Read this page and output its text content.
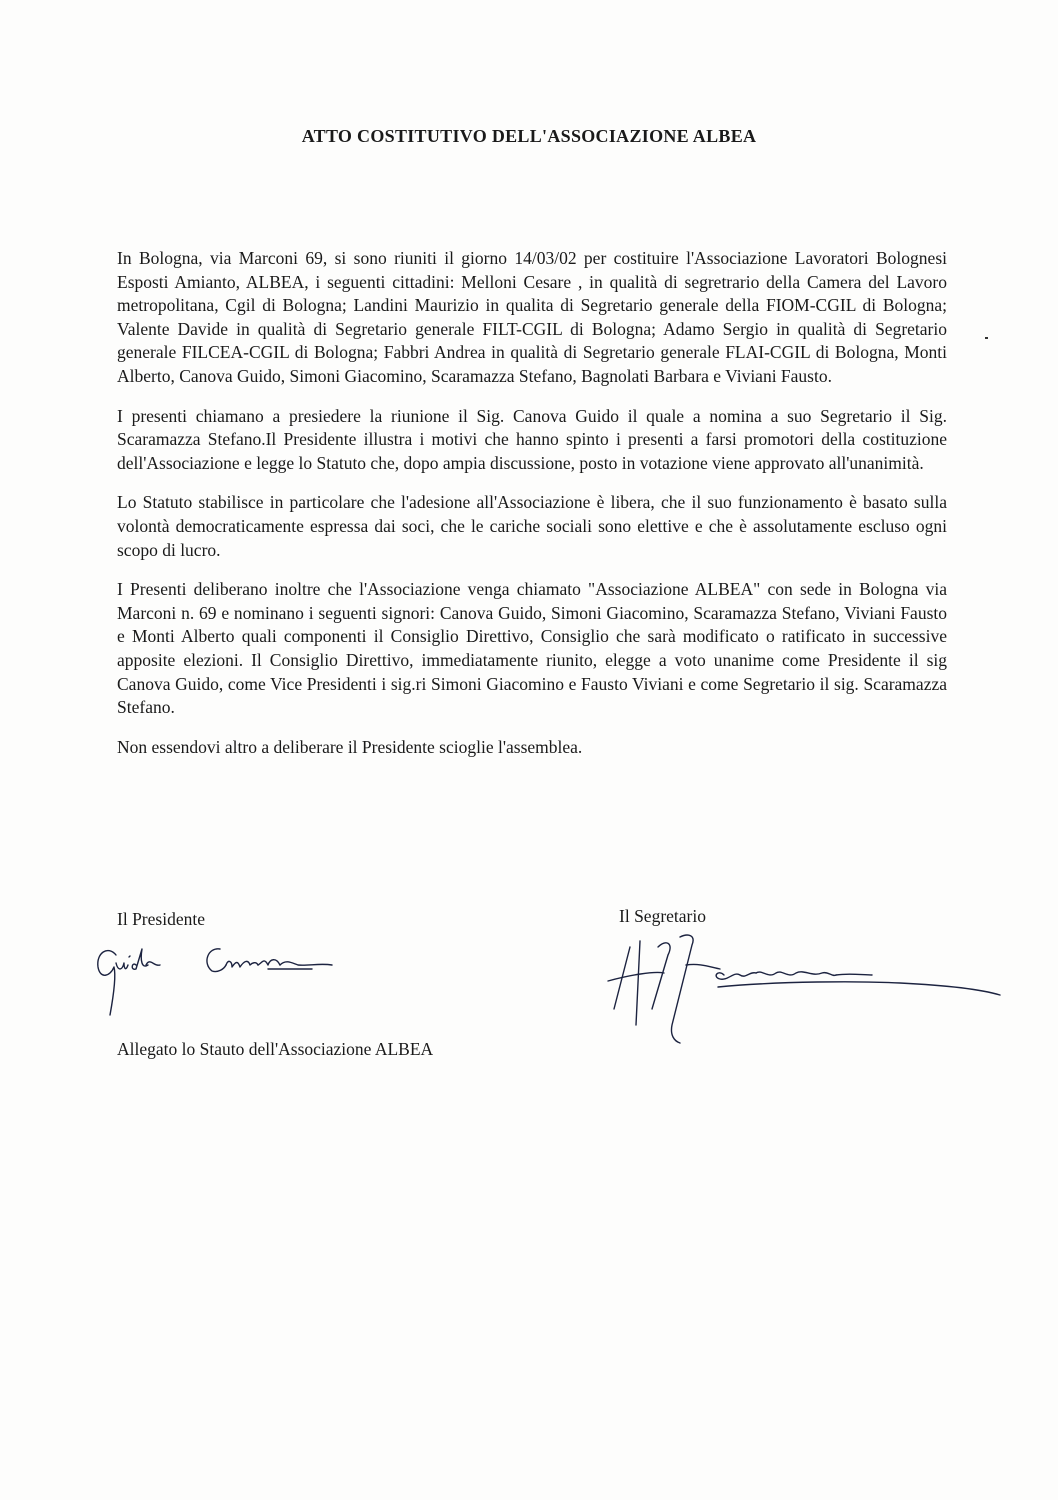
ATTO COSTITUTIVO DELL'ASSOCIAZIONE ALBEA

In Bologna, via Marconi 69, si sono riuniti il giorno 14/03/02 per costituire l'Associazione Lavoratori Bolognesi Esposti Amianto, ALBEA, i seguenti cittadini: Melloni Cesare , in qualità di segretrario della Camera del Lavoro metropolitana, Cgil di Bologna; Landini Maurizio in qualita di Segretario generale della FIOM-CGIL di Bologna; Valente Davide in qualità di Segretario generale FILT-CGIL di Bologna; Adamo Sergio in qualità di Segretario generale FILCEA-CGIL di Bologna; Fabbri Andrea in qualità di Segretario generale FLAI-CGIL di Bologna, Monti Alberto, Canova Guido, Simoni Giacomino, Scaramazza Stefano, Bagnolati Barbara e Viviani Fausto.

I presenti chiamano a presiedere la riunione il Sig. Canova Guido il quale a nomina a suo Segretario il Sig. Scaramazza Stefano.Il Presidente illustra i motivi che hanno spinto i presenti a farsi promotori della costituzione dell'Associazione e legge lo Statuto che, dopo ampia discussione, posto in votazione viene approvato all'unanimità.

Lo Statuto stabilisce in particolare che l'adesione all'Associazione è libera, che il suo funzionamento è basato sulla volontà democraticamente espressa dai soci, che le cariche sociali sono elettive e che è assolutamente escluso ogni scopo di lucro.

I Presenti deliberano inoltre che l'Associazione venga chiamato "Associazione ALBEA" con sede in Bologna via Marconi n. 69 e nominano i seguenti signori: Canova Guido, Simoni Giacomino, Scaramazza Stefano, Viviani Fausto e Monti Alberto quali componenti il Consiglio Direttivo, Consiglio che sarà modificato o ratificato in successive apposite elezioni. Il Consiglio Direttivo, immediatamente riunito, elegge a voto unanime come Presidente il sig Canova Guido, come Vice Presidenti i sig.ri Simoni Giacomino e Fausto Viviani e come Segretario il sig. Scaramazza Stefano.

Non essendovi altro a deliberare il Presidente scioglie l'assemblea.

Il Presidente	Il Segretario
Allegato lo Stauto dell'Associazione ALBEA
